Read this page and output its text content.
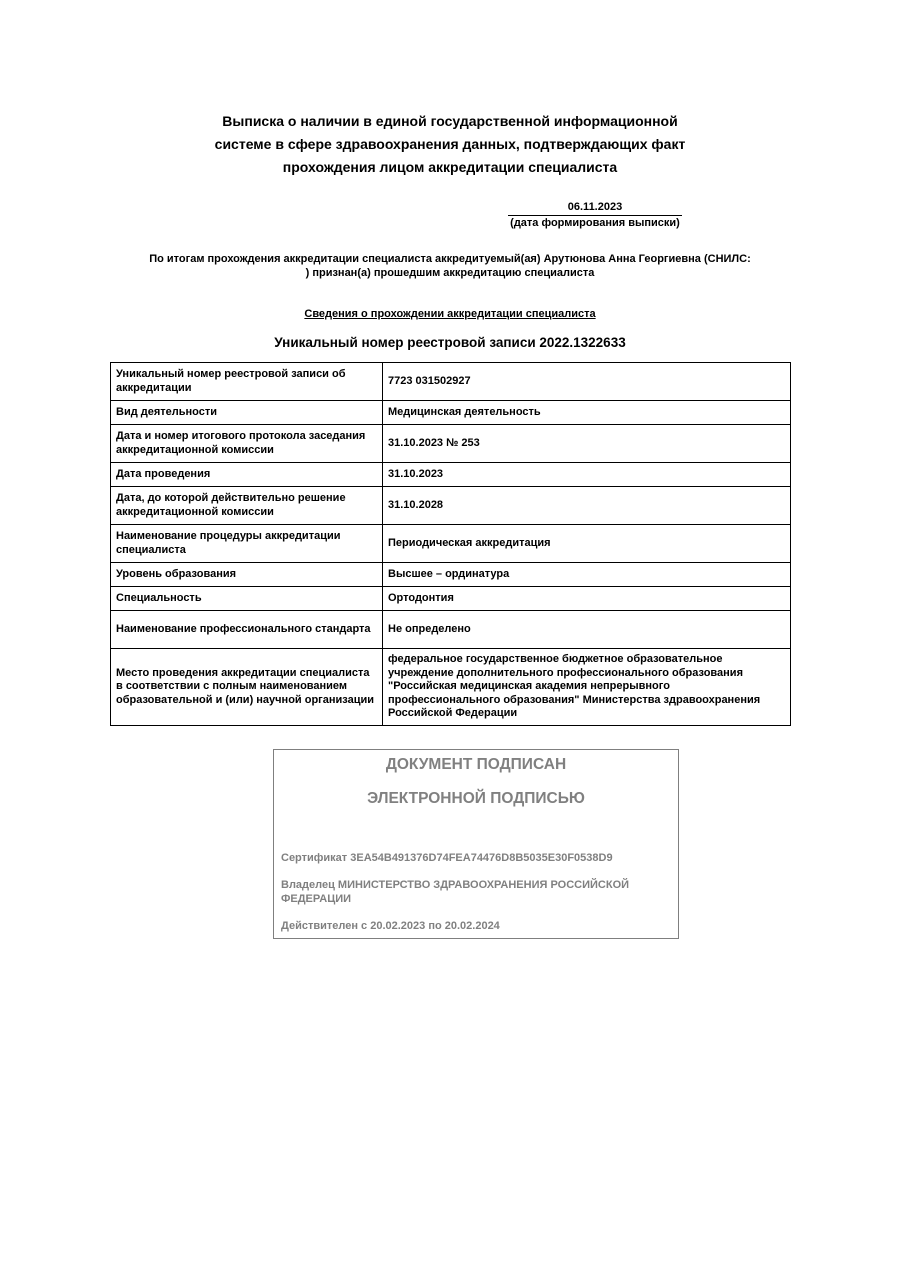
Выписка о наличии в единой государственной информационной
системе в сфере здравоохранения данных, подтверждающих факт
прохождения лицом аккредитации специалиста
06.11.2023
(дата формирования выписки)
По итогам прохождения аккредитации специалиста аккредитуемый(ая) Арутюнова Анна Георгиевна (СНИЛС:
) признан(а) прошедшим аккредитацию специалиста
Сведения о прохождении аккредитации специалиста
Уникальный номер реестровой записи 2022.1322633
Уникальный номер реестровой записи об аккредитации	7723 031502927
Вид деятельности	Медицинская деятельность
Дата и номер итогового протокола заседания аккредитационной комиссии	31.10.2023 № 253
Дата проведения	31.10.2023
Дата, до которой действительно решение аккредитационной комиссии	31.10.2028
Наименование процедуры аккредитации специалиста	Периодическая аккредитация
Уровень образования	Высшее – ординатура
Специальность	Ортодонтия
Наименование профессионального стандарта	Не определено
Место проведения аккредитации специалиста в соответствии с полным наименованием образовательной и (или) научной организации	федеральное государственное бюджетное образовательное учреждение дополнительного профессионального образования "Российская медицинская академия непрерывного профессионального образования" Министерства здравоохранения Российской Федерации
ДОКУМЕНТ ПОДПИСАН
ЭЛЕКТРОННОЙ ПОДПИСЬЮ
Сертификат 3EA54B491376D74FEA74476D8B5035E30F0538D9
Владелец МИНИСТЕРСТВО ЗДРАВООХРАНЕНИЯ РОССИЙСКОЙ ФЕДЕРАЦИИ
Действителен с 20.02.2023 по 20.02.2024
